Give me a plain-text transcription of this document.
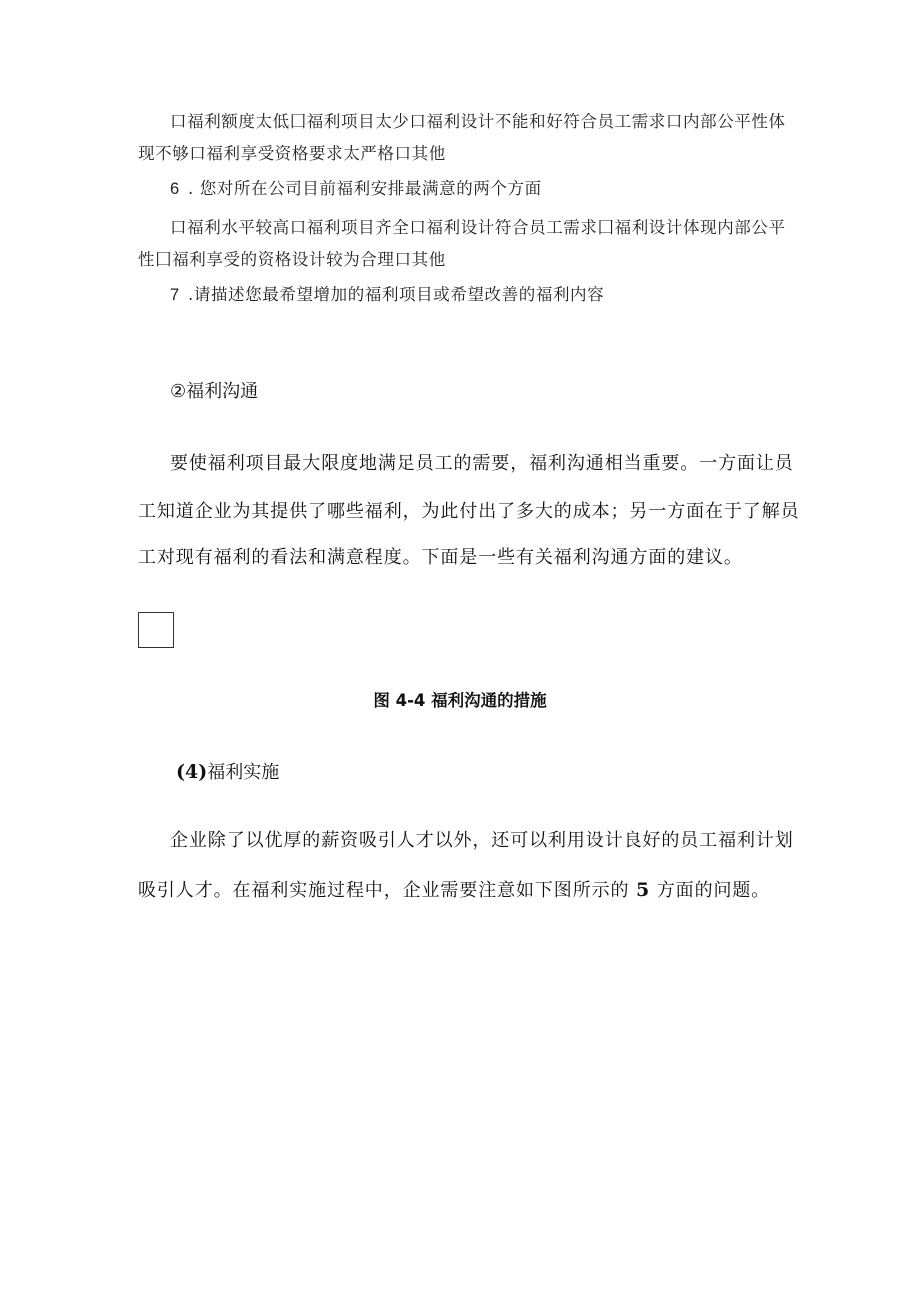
口福利额度太低囗福利项目太少口福利设计不能和好符合员工需求口内部公平性体
现不够口福利享受资格要求太严格口其他
6 . 您对所在公司目前福利安排最满意的两个方面
口福利水平较高口福利项目齐全口福利设计符合员工需求囗福利设计体现内部公平
性囗福利享受的资格设计较为合理口其他
7 .请描述您最希望增加的福利项目或希望改善的福利内容
②福利沟通
要使福利项目最大限度地满足员工的需要，福利沟通相当重要。一方面让员
工知道企业为其提供了哪些福利，为此付出了多大的成本；另一方面在于了解员
工对现有福利的看法和满意程度。下面是一些有关福利沟通方面的建议。
图 4-4 福利沟通的措施
(4)福利实施
企业除了以优厚的薪资吸引人才以外，还可以利用设计良好的员工福利计划
吸引人才。在福利实施过程中，企业需要注意如下图所示的 5 方面的问题。
